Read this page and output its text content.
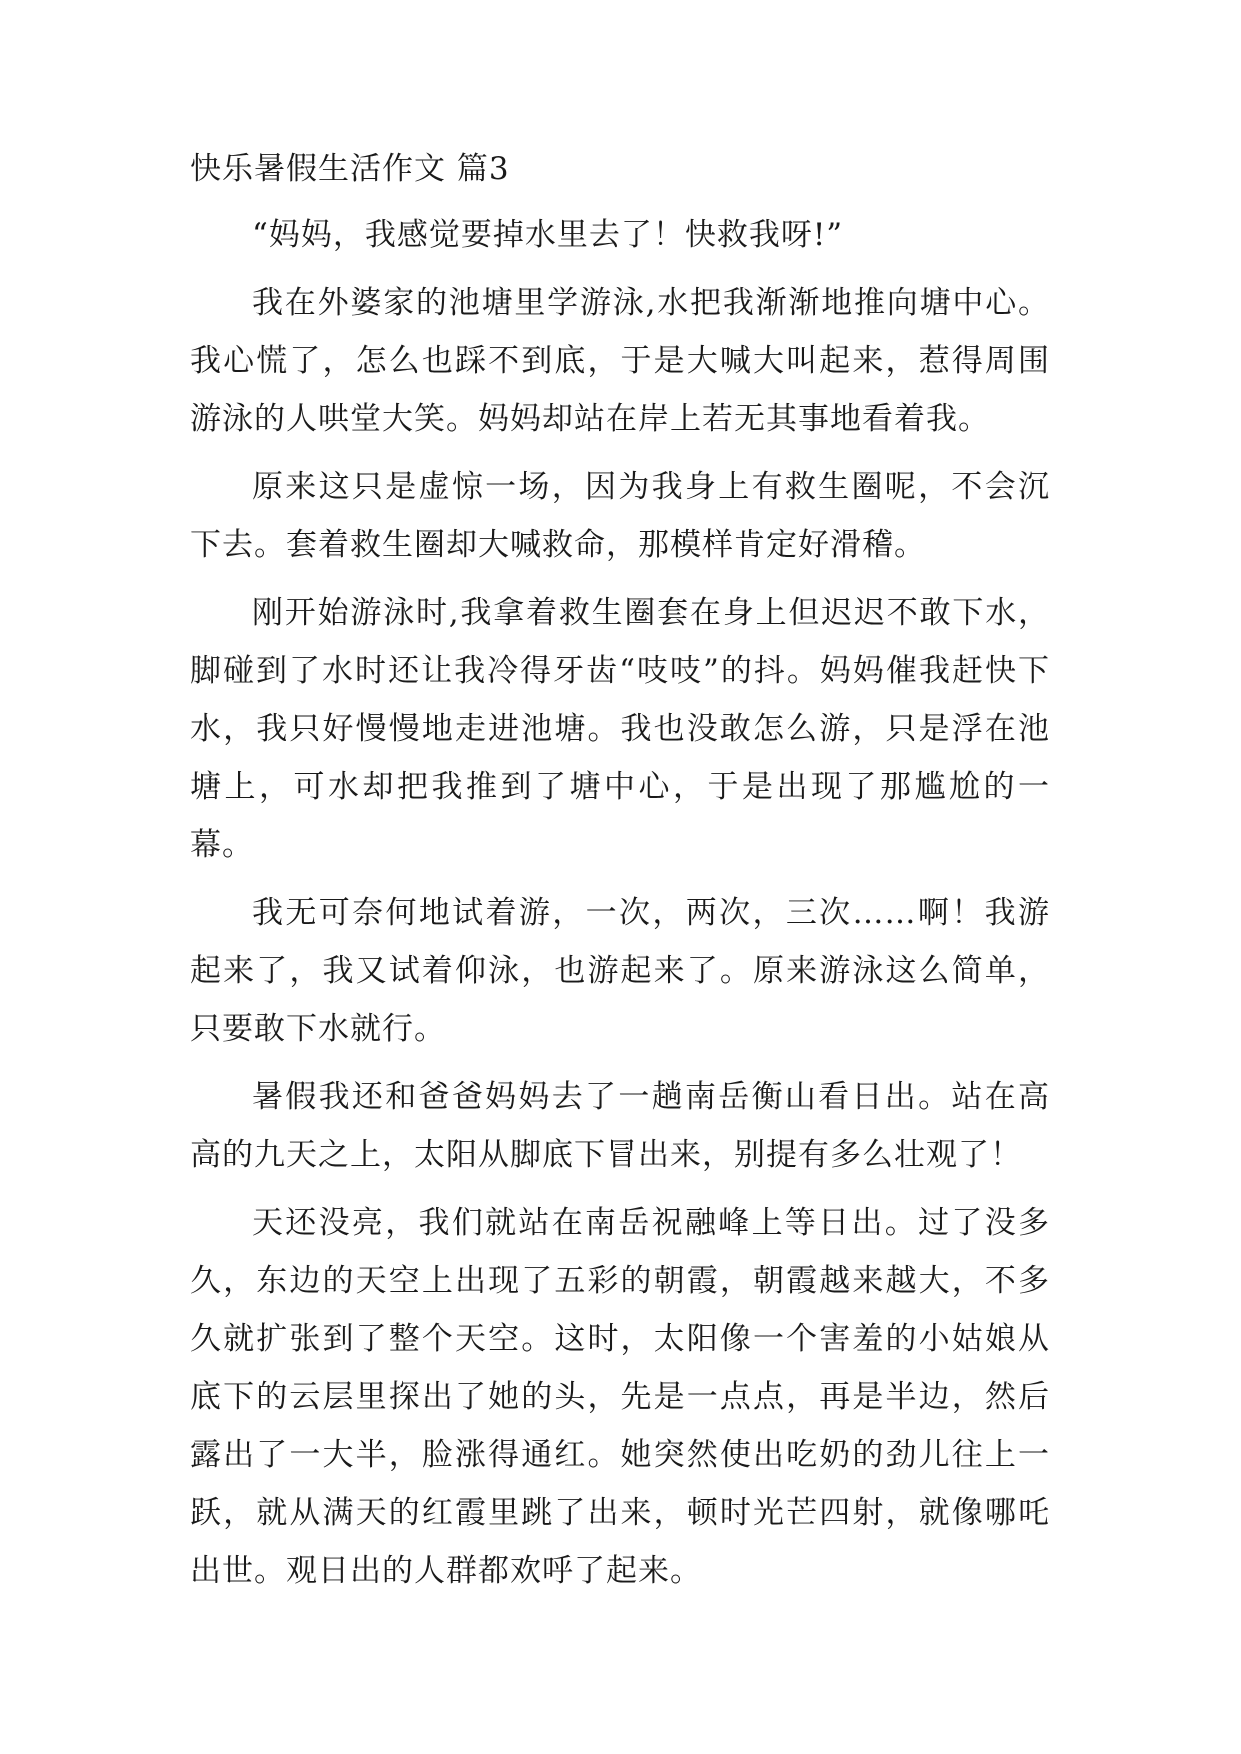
快乐暑假生活作文 篇3

“妈妈，我感觉要掉水里去了！快救我呀!”

我在外婆家的池塘里学游泳,水把我渐渐地推向塘中心。我心慌了，怎么也踩不到底，于是大喊大叫起来，惹得周围游泳的人哄堂大笑。妈妈却站在岸上若无其事地看着我。

原来这只是虚惊一场，因为我身上有救生圈呢，不会沉下去。套着救生圈却大喊救命，那模样肯定好滑稽。

刚开始游泳时,我拿着救生圈套在身上但迟迟不敢下水，脚碰到了水时还让我冷得牙齿“吱吱”的抖。妈妈催我赶快下水，我只好慢慢地走进池塘。我也没敢怎么游，只是浮在池塘上，可水却把我推到了塘中心，于是出现了那尴尬的一幕。

我无可奈何地试着游，一次，两次，三次……啊！我游起来了，我又试着仰泳，也游起来了。原来游泳这么简单，只要敢下水就行。

暑假我还和爸爸妈妈去了一趟南岳衡山看日出。站在高高的九天之上，太阳从脚底下冒出来，别提有多么壮观了！

天还没亮，我们就站在南岳祝融峰上等日出。过了没多久，东边的天空上出现了五彩的朝霞，朝霞越来越大，不多久就扩张到了整个天空。这时，太阳像一个害羞的小姑娘从底下的云层里探出了她的头，先是一点点，再是半边，然后露出了一大半，脸涨得通红。她突然使出吃奶的劲儿往上一跃，就从满天的红霞里跳了出来，顿时光芒四射，就像哪吒出世。观日出的人群都欢呼了起来。
